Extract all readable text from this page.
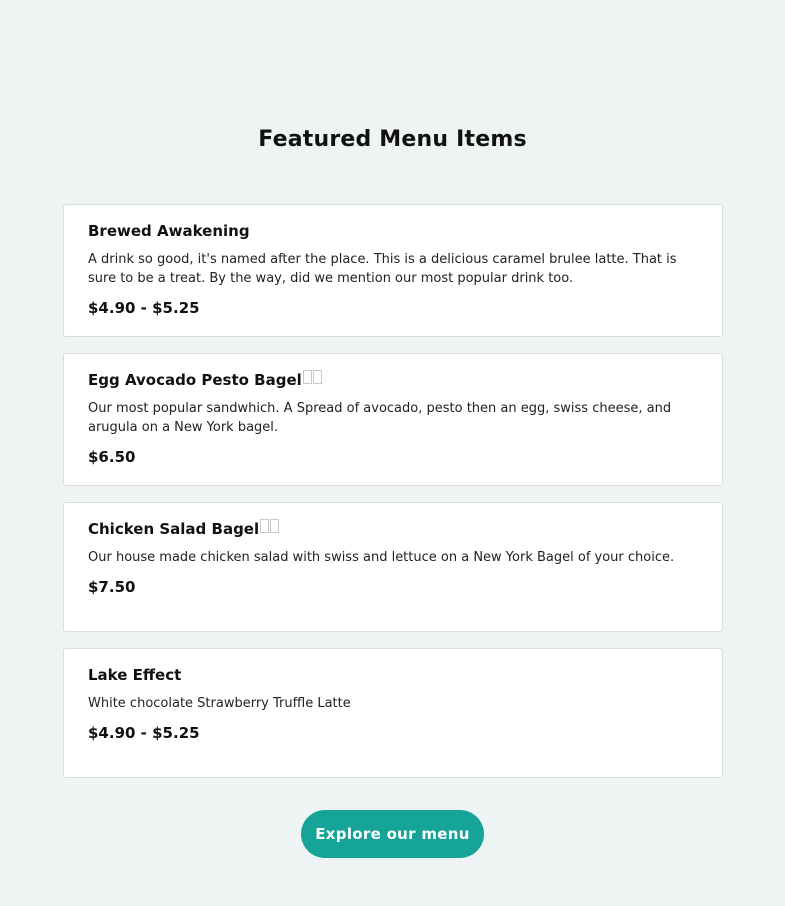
Featured Menu Items
Brewed Awakening

A drink so good, it's named after the place. This is a delicious caramel brulee latte. That is sure to be a treat. By the way, did we mention our most popular drink too.

$4.90 - $5.25

Egg Avocado Pesto Bagel

Our most popular sandwhich. A Spread of avocado, pesto then an egg, swiss cheese, and arugula on a New York bagel.

$6.50

Chicken Salad Bagel

Our house made chicken salad with swiss and lettuce on a New York Bagel of your choice.

$7.50

Lake Effect

White chocolate Strawberry Truffle Latte

$4.90 - $5.25

Explore our menu
